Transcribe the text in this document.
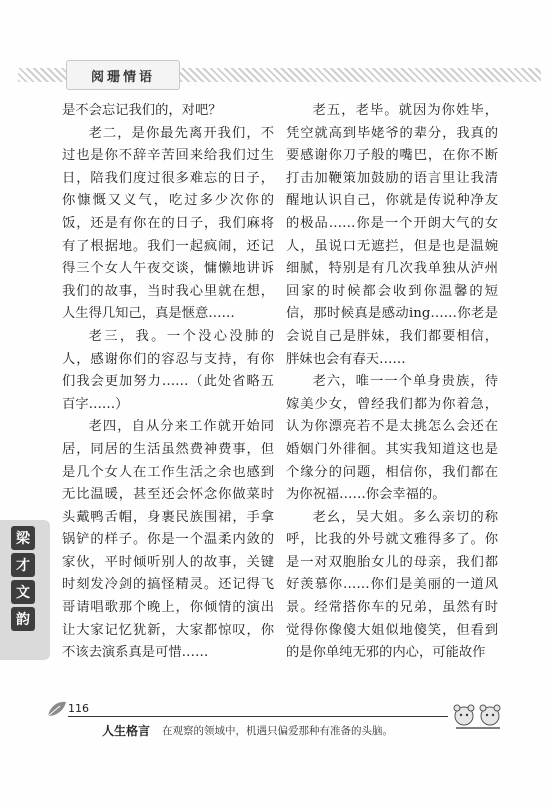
阅珊情语

是不会忘记我们的，对吧？

老二，是你最先离开我们，不过也是你不辞辛苦回来给我们过生日，陪我们度过很多难忘的日子，你慷慨又义气，吃过多少次你的饭，还是有你在的日子，我们麻将有了根据地。我们一起疯闹，还记得三个女人午夜交谈，慵懒地讲诉我们的故事，当时我心里就在想，人生得几知己，真是惬意……

老三，我。一个没心没肺的人，感谢你们的容忍与支持，有你们我会更加努力……（此处省略五百字……）

老四，自从分来工作就开始同居，同居的生活虽然费神费事，但是几个女人在工作生活之余也感到无比温暖，甚至还会怀念你做菜时头戴鸭舌帽，身裹民族围裙，手拿锅铲的样子。你是一个温柔内敛的家伙，平时倾听别人的故事，关键时刻发冷剑的搞怪精灵。还记得飞哥请唱歌那个晚上，你倾情的演出让大家记忆犹新，大家都惊叹，你不该去演系真是可惜……

老五，老毕。就因为你姓毕，凭空就高到毕姥爷的辈分，我真的要感谢你刀子般的嘴巴，在你不断打击加鞭策加鼓励的语言里让我清醒地认识自己，你就是传说种净友的极品……你是一个开朗大气的女人，虽说口无遮拦，但是也是温婉细腻，特别是有几次我单独从泸州回家的时候都会收到你温馨的短信，那时候真是感动ing……你老是会说自己是胖妹，我们都要相信，胖妹也会有春天……

老六，唯一一个单身贵族，待嫁美少女，曾经我们都为你着急，认为你漂亮若不是太挑怎么会还在婚姻门外徘徊。其实我知道这也是个缘分的问题，相信你，我们都在为你祝福……你会幸福的。

老幺，吴大姐。多么亲切的称呼，比我的外号就文雅得多了。你是一对双胞胎女儿的母亲，我们都好羡慕你……你们是美丽的一道风景。经常搭你车的兄弟，虽然有时觉得你像傻大姐似地傻笑，但看到的是你单纯无邪的内心，可能故作

梁
才
文
韵
116
人生格言 在观察的领域中，机遇只偏爱那种有准备的头脑。
